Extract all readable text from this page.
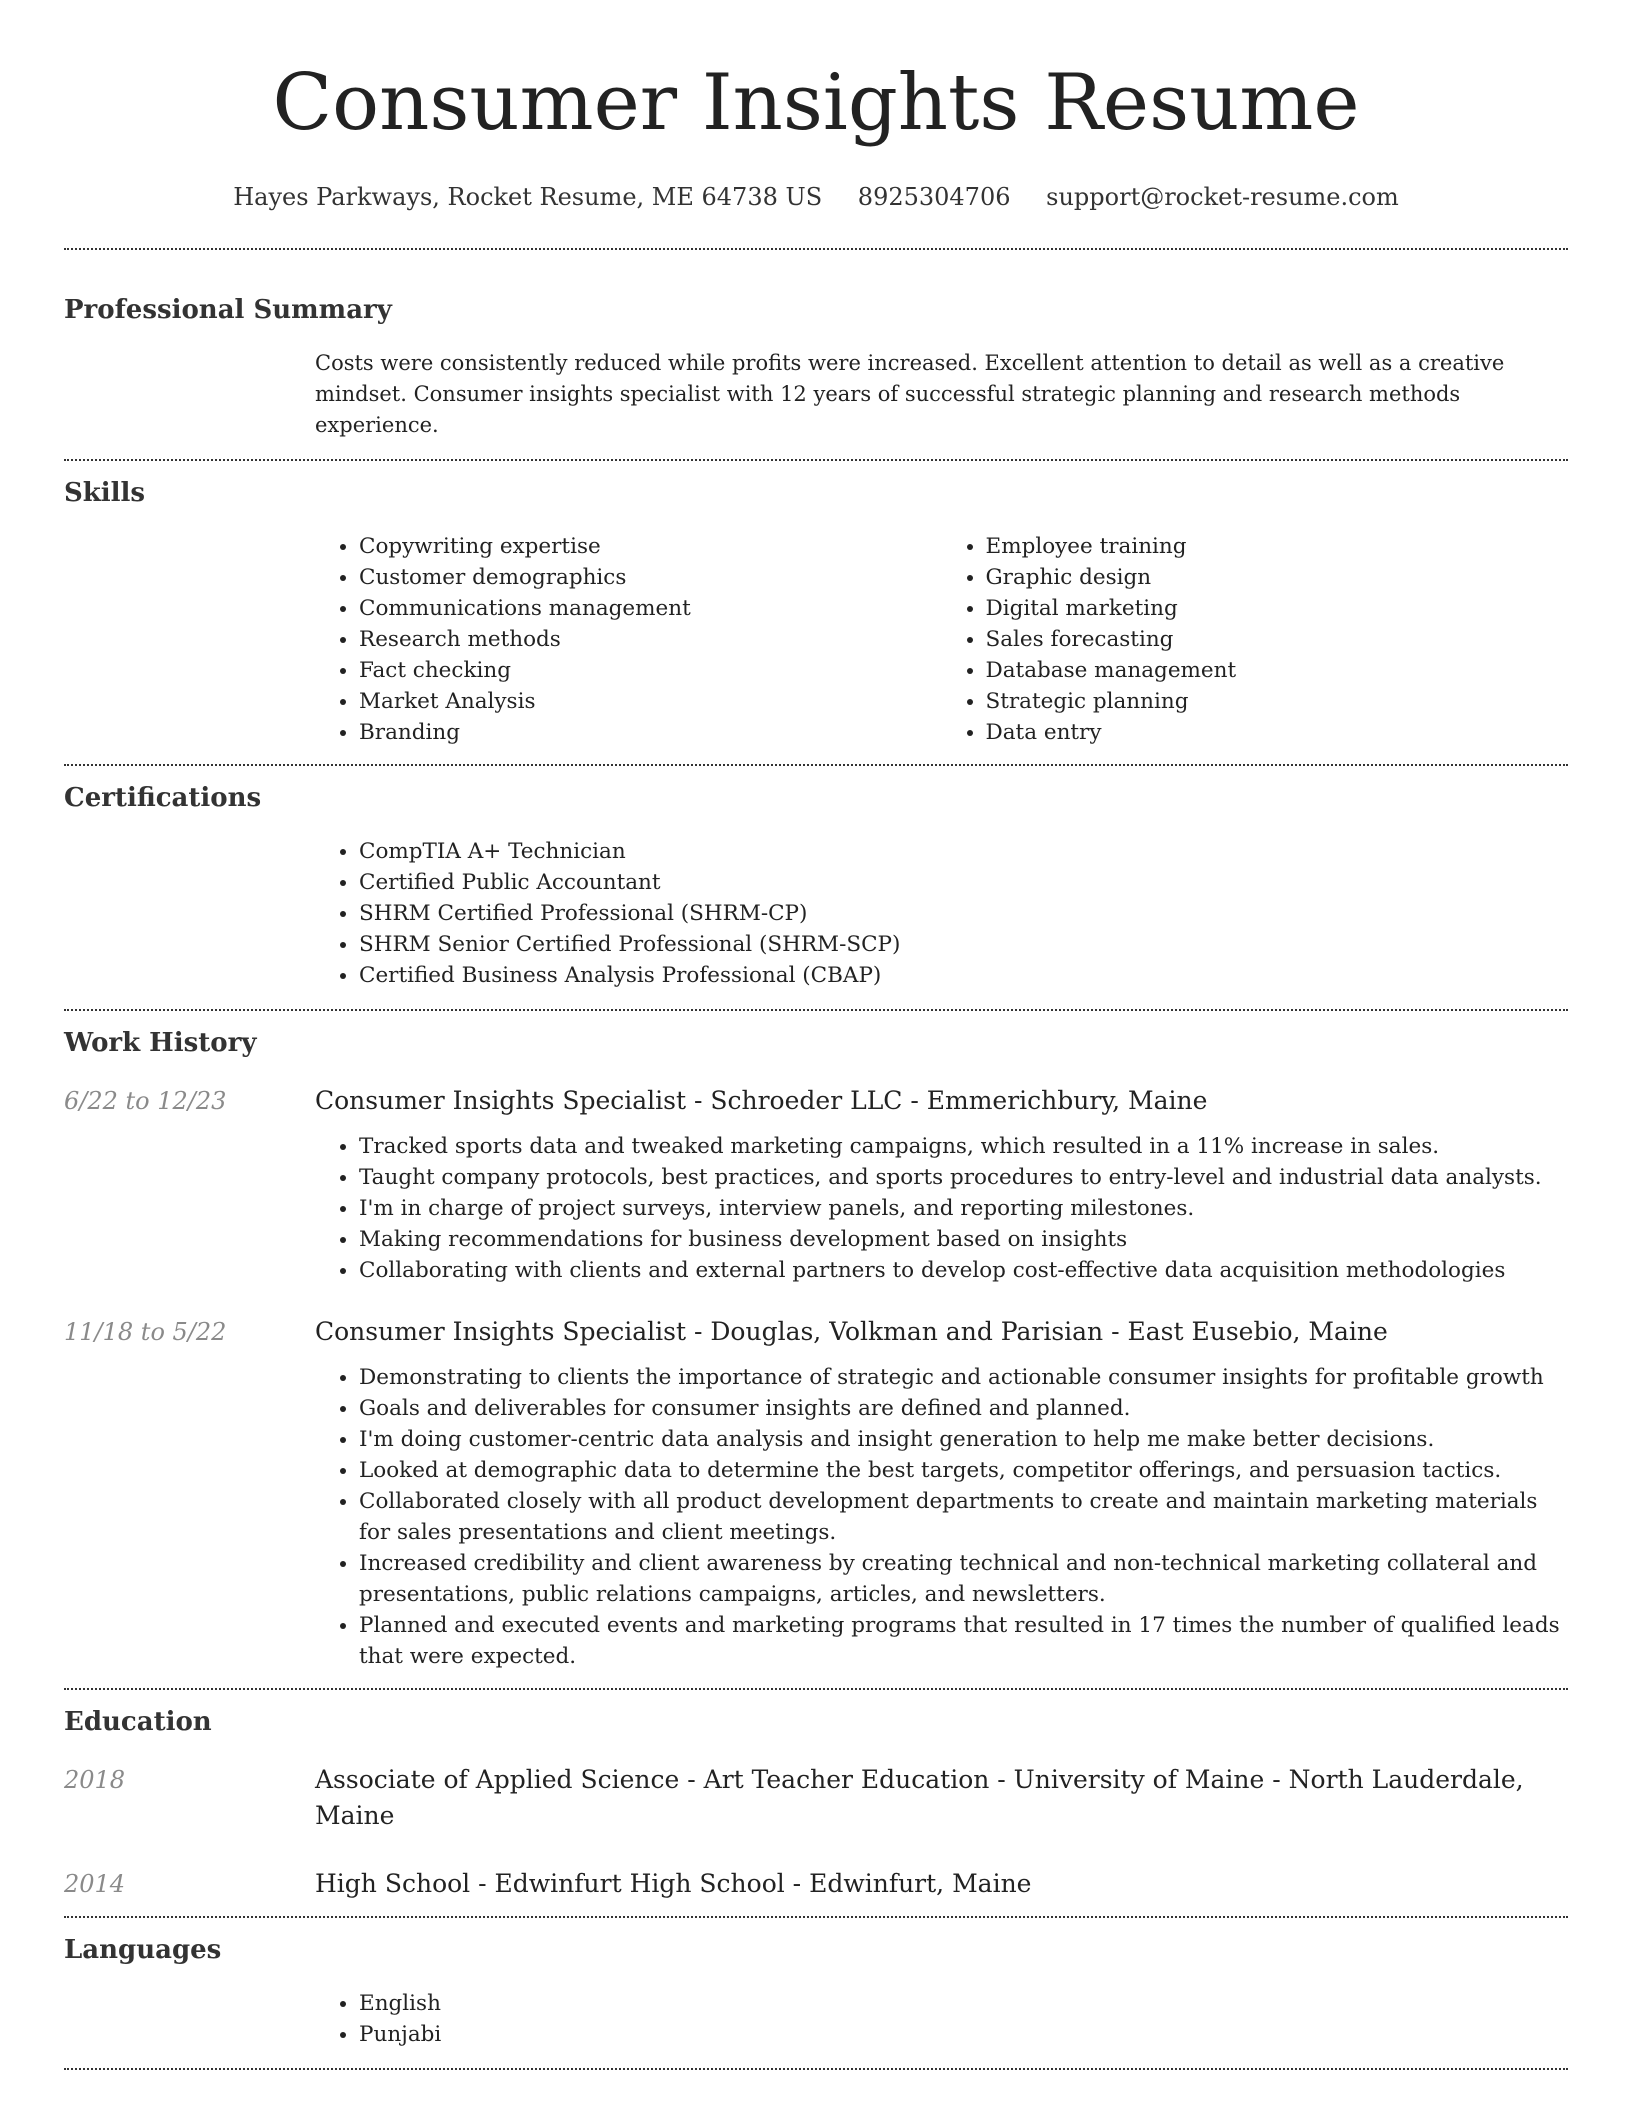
Consumer Insights Resume
Hayes Parkways, Rocket Resume, ME 64738 US 8925304706 support@rocket-resume.com
Professional Summary

Costs were consistently reduced while profits were increased. Excellent attention to detail as well as a creative mindset. Consumer insights specialist with 12 years of successful strategic planning and research methods experience.

Skills
• Copywriting expertise
• Customer demographics
• Communications management
• Research methods
• Fact checking
• Market Analysis
• Branding
• Employee training
• Graphic design
• Digital marketing
• Sales forecasting
• Database management
• Strategic planning
• Data entry
Certifications
• CompTIA A+ Technician
• Certified Public Accountant
• SHRM Certified Professional (SHRM-CP)
• SHRM Senior Certified Professional (SHRM-SCP)
• Certified Business Analysis Professional (CBAP)
Work History
6/22 to 12/23	Consumer Insights Specialist - Schroeder LLC - Emmerichbury, Maine
• Tracked sports data and tweaked marketing campaigns, which resulted in a 11% increase in sales.
• Taught company protocols, best practices, and sports procedures to entry-level and industrial data analysts.
• I'm in charge of project surveys, interview panels, and reporting milestones.
• Making recommendations for business development based on insights
• Collaborating with clients and external partners to develop cost-effective data acquisition methodologies
11/18 to 5/22	Consumer Insights Specialist - Douglas, Volkman and Parisian - East Eusebio, Maine
• Demonstrating to clients the importance of strategic and actionable consumer insights for profitable growth
• Goals and deliverables for consumer insights are defined and planned.
• I'm doing customer-centric data analysis and insight generation to help me make better decisions.
• Looked at demographic data to determine the best targets, competitor offerings, and persuasion tactics.
• Collaborated closely with all product development departments to create and maintain marketing materials for sales presentations and client meetings.
• Increased credibility and client awareness by creating technical and non-technical marketing collateral and presentations, public relations campaigns, articles, and newsletters.
• Planned and executed events and marketing programs that resulted in 17 times the number of qualified leads that were expected.
Education
2018	Associate of Applied Science - Art Teacher Education - University of Maine - North Lauderdale, Maine
2014	High School - Edwinfurt High School - Edwinfurt, Maine
Languages
• English
• Punjabi
